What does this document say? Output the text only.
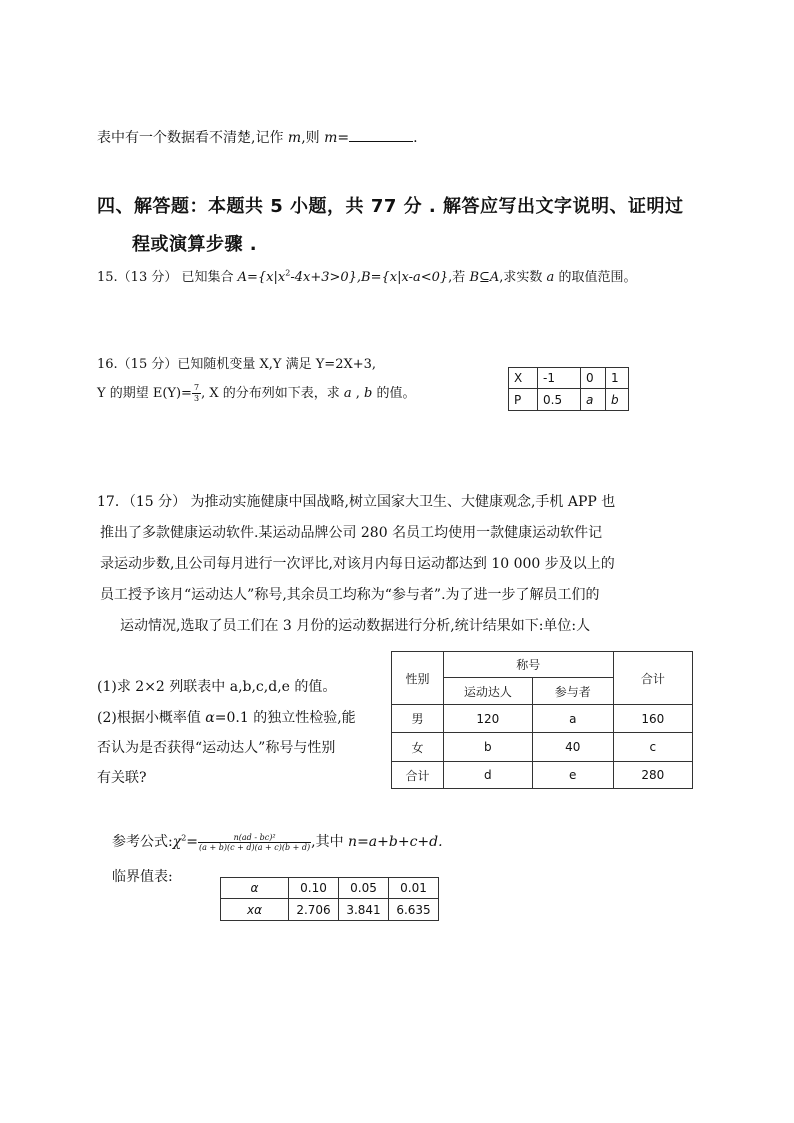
表中有一个数据看不清楚,记作 m,则 m=	.
四、解答题：本题共 5 小题，共 77 分 . 解答应写出文字说明、证明过
程或演算步骤 .
15.（13 分） 已知集合 $A=\{x|x^2-4x+3>0\},B=\{x|x-a<0\}$,若 B⊆A,求实数 a 的取值范围。
16.（15 分）已知随机变量 X,Y 满足 Y=2X+3,
Y 的期望 $E(Y)= \frac{7}{3}$ , X 的分布列如下表，求 a , b 的值。
X	-1	0	1
P	0.5	a	b
17．（15 分） 为推动实施健康中国战略,树立国家大卫生、大健康观念,手机 APP 也
推出了多款健康运动软件.某运动品牌公司 280 名员工均使用一款健康运动软件记
录运动步数,且公司每月进行一次评比,对该月内每日运动都达到 10 000 步及以上的
员工授予该月“运动达人”称号,其余员工均称为“参与者”.为了进一步了解员工们的
运动情况,选取了员工们在 3 月份的运动数据进行分析,统计结果如下:单位:人
(1)求 2×2 列联表中 a,b,c,d,e 的值。
(2)根据小概率值 α=0.1 的独立性检验,能
否认为是否获得“运动达人”称号与性别
有关联?
性别	称号		合计
	运动达人	参与者	
男	120	a	160
女	b	40	c
合计	d	e	280
参考公式$:\chi^2= \frac{\text{n(ad - bc)²}}{(a + b)(c + d)(a + c)(b + d)}$ ,其中 n=a+b+c+d.
临界值表:
α	0.10	0.05	0.01
xα	2.706	3.841	6.635
